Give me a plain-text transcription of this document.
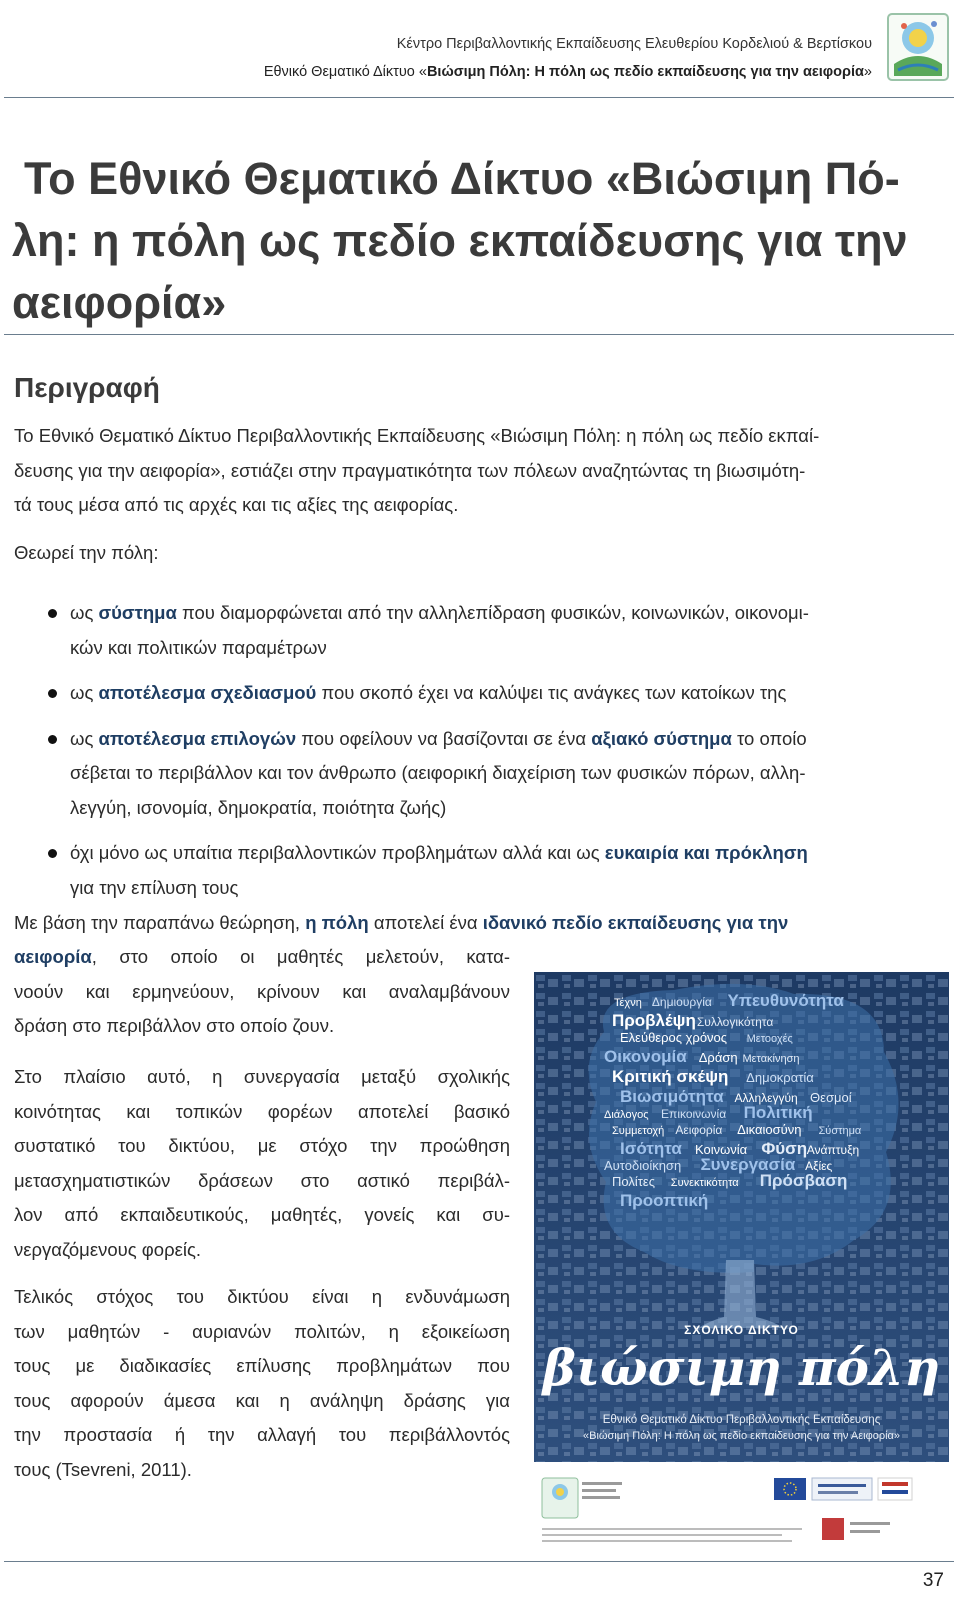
Κέντρο Περιβαλλοντικής Εκπαίδευσης Ελευθερίου Κορδελιού & Βερτίσκου
Εθνικό Θεματικό Δίκτυο «Βιώσιμη Πόλη: Η πόλη ως πεδίο εκπαίδευσης για την αειφορία»
Το Εθνικό Θεματικό Δίκτυο «Βιώσιμη Πό-
λη: η πόλη ως πεδίο εκπαίδευσης για την
αειφορία»
Περιγραφή
Το Εθνικό Θεματικό Δίκτυο Περιβαλλοντικής Εκπαίδευσης «Βιώσιμη Πόλη: η πόλη ως πεδίο εκπαί-
δευσης για την αειφορία», εστιάζει στην πραγματικότητα των πόλεων αναζητώντας τη βιωσιμότη-
τά τους μέσα από τις αρχές και τις αξίες της αειφορίας.
Θεωρεί την πόλη:
ως σύστημα που διαμορφώνεται από την αλληλεπίδραση φυσικών, κοινωνικών, οικονομι-
κών και πολιτικών παραμέτρων
ως αποτέλεσμα σχεδιασμού που σκοπό έχει να καλύψει τις ανάγκες των κατοίκων της
ως αποτέλεσμα επιλογών που οφείλουν να βασίζονται σε ένα αξιακό σύστημα το οποίο
σέβεται το περιβάλλον και τον άνθρωπο (αειφορική διαχείριση των φυσικών πόρων, αλλη-
λεγγύη, ισονομία, δημοκρατία, ποιότητα ζωής)
όχι μόνο ως υπαίτια περιβαλλοντικών προβλημάτων αλλά και ως ευκαιρία και πρόκληση
για την επίλυση τους
Με βάση την παραπάνω θεώρηση, η πόλη αποτελεί ένα ιδανικό πεδίο εκπαίδευσης για την
αειφορία, στο οποίο οι μαθητές μελετούν, κατα-
νοούν και ερμηνεύουν, κρίνουν και αναλαμβάνουν
δράση στο περιβάλλον στο οποίο ζουν.
Στο πλαίσιο αυτό, η συνεργασία μεταξύ σχολικής
κοινότητας και τοπικών φορέων αποτελεί βασικό
συστατικό του δικτύου, με στόχο την προώθηση
μετασχηματιστικών δράσεων στο αστικό περιβάλ-
λον από εκπαιδευτικούς, μαθητές, γονείς και συ-
νεργαζόμενους φορείς.
Τελικός στόχος του δικτύου είναι η ενδυνάμωση
των μαθητών - αυριανών πολιτών, η εξοικείωση
τους με διαδικασίες επίλυσης προβλημάτων που
τους αφορούν άμεσα και η ανάληψη δράσης για
την προστασία ή την αλλαγή του περιβάλλοντός
τους (Tsevreni, 2011).
Τέχνη Δημιουργία Υπευθυνότητα
Προβλέψη Συλλογικότητα
Ελεύθερος χρόνος Μετοοχές
Οικονομία Δράση Μετακίνηση
Κριτική σκέψη Δημοκρατία
Βιωσιμότητα Αλληλεγγύη Θεσμοί
Διάλογος Επικοινωνία Πολιτική
Συμμετοχή Αειφορία Δικαιοσύνη Σύστημα
Ισότητα Κοινωνία Φύση Ανάπτυξη
Αυτοδιοίκηση Συνεργασία Αξίες
Πολίτες Συνεκτικότητα Πρόσβαση
Προοπτική
ΣΧΟΛΙΚΟ ΔΙΚΤΥΟ
βιώσιμη πόλη
Εθνικό Θεματικό Δίκτυο Περιβαλλοντικής Εκπαίδευσης
«Βιώσιμη Πόλη: Η πόλη ως πεδίο εκπαίδευσης για την Αειφορία»
37
